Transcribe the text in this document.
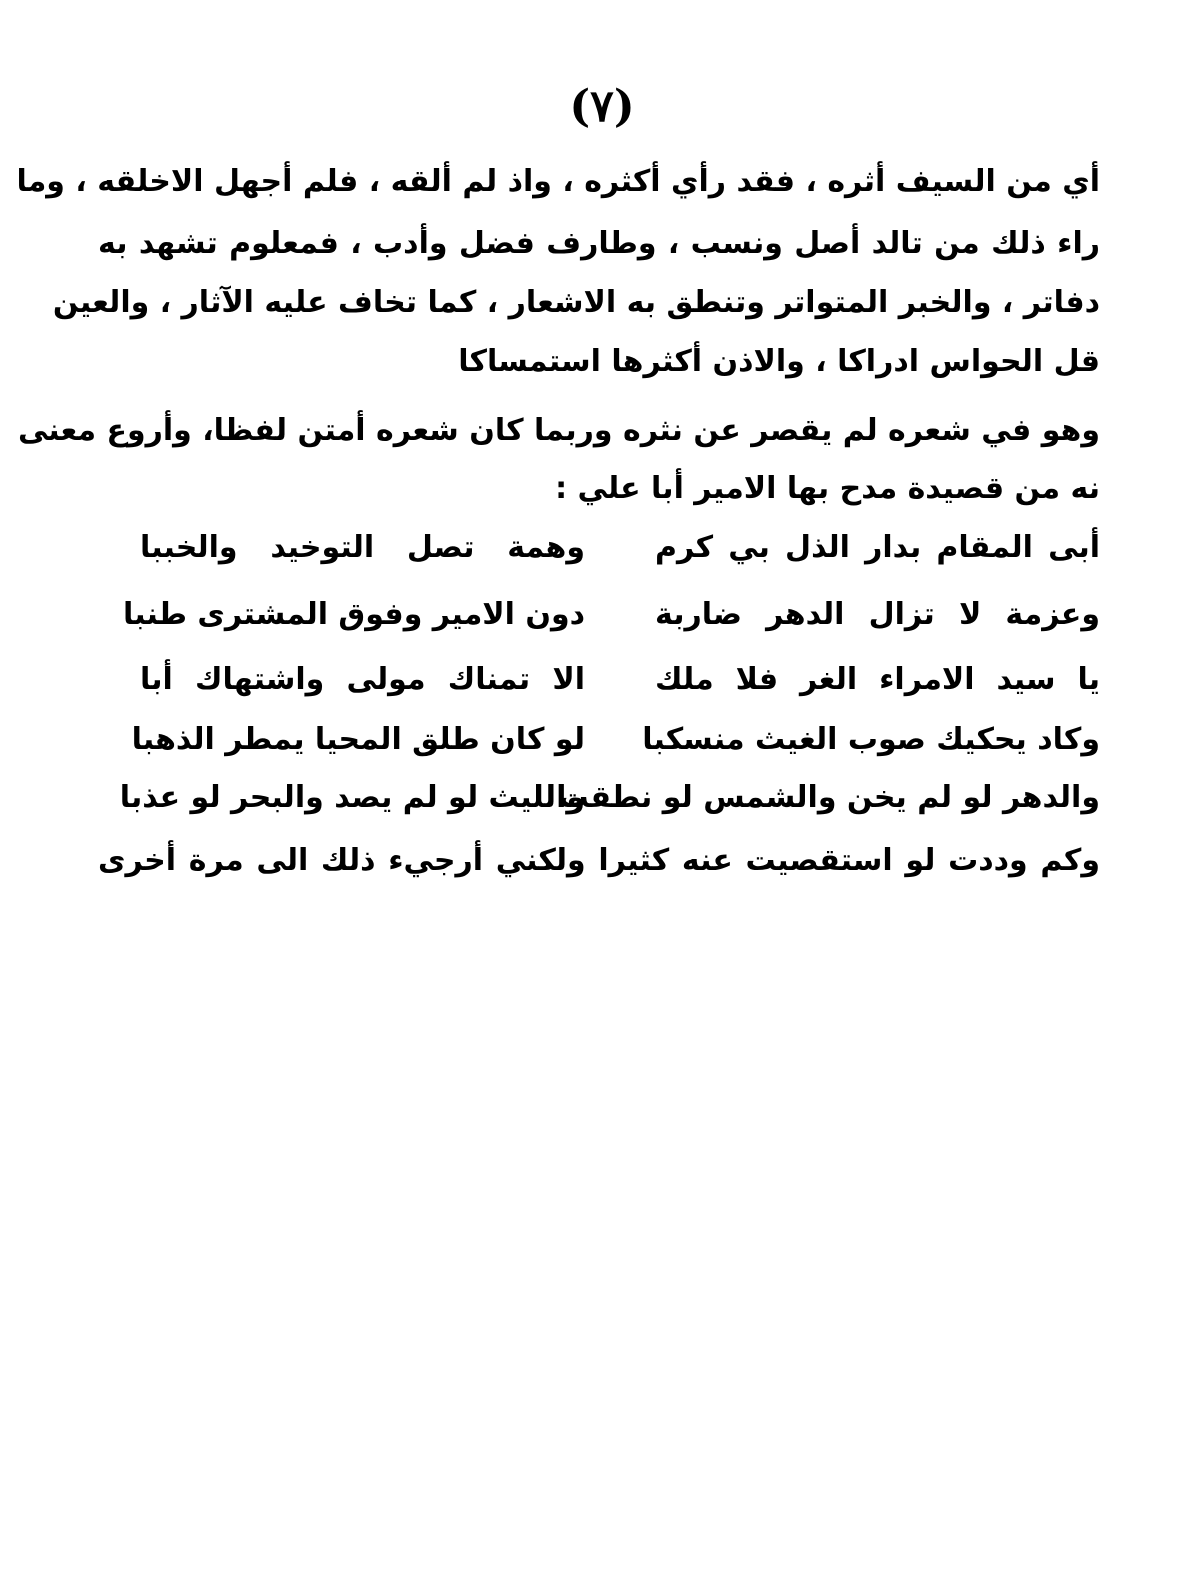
(٧)
أي من السيف أثره ، فقد رأي أكثره ، واذ لم ألقه ، فلم أجهل الاخلقه ، وما
راء ذلك من تالد أصل ونسب ، وطارف فضل وأدب ، فمعلوم تشهد به
دفاتر ، والخبر المتواتر وتنطق به الاشعار ، كما تخاف عليه الآثار ، والعين
قل الحواس ادراكا ، والاذن أكثرها استمساكا
وهو في شعره لم يقصر عن نثره وربما كان شعره أمتن لفظا، وأروع معنى
نه من قصيدة مدح بها الامير أبا علي :
أبى المقام بدار الذل بي كرم
وهمة تصل التوخيد والخببا
وعزمة لا تزال الدهر ضاربة
دون الامير وفوق المشترى طنبا
يا سيد الامراء الغر فلا ملك
الا تمناك مولى واشتهاك أبا
وكاد يحكيك صوب الغيث منسكبا
لو كان طلق المحيا يمطر الذهبا
والدهر لو لم يخن والشمس لو نطقت
والليث لو لم يصد والبحر لو عذبا
وكم وددت لو استقصيت عنه كثيرا ولكني أرجيء ذلك الى مرة أخرى
